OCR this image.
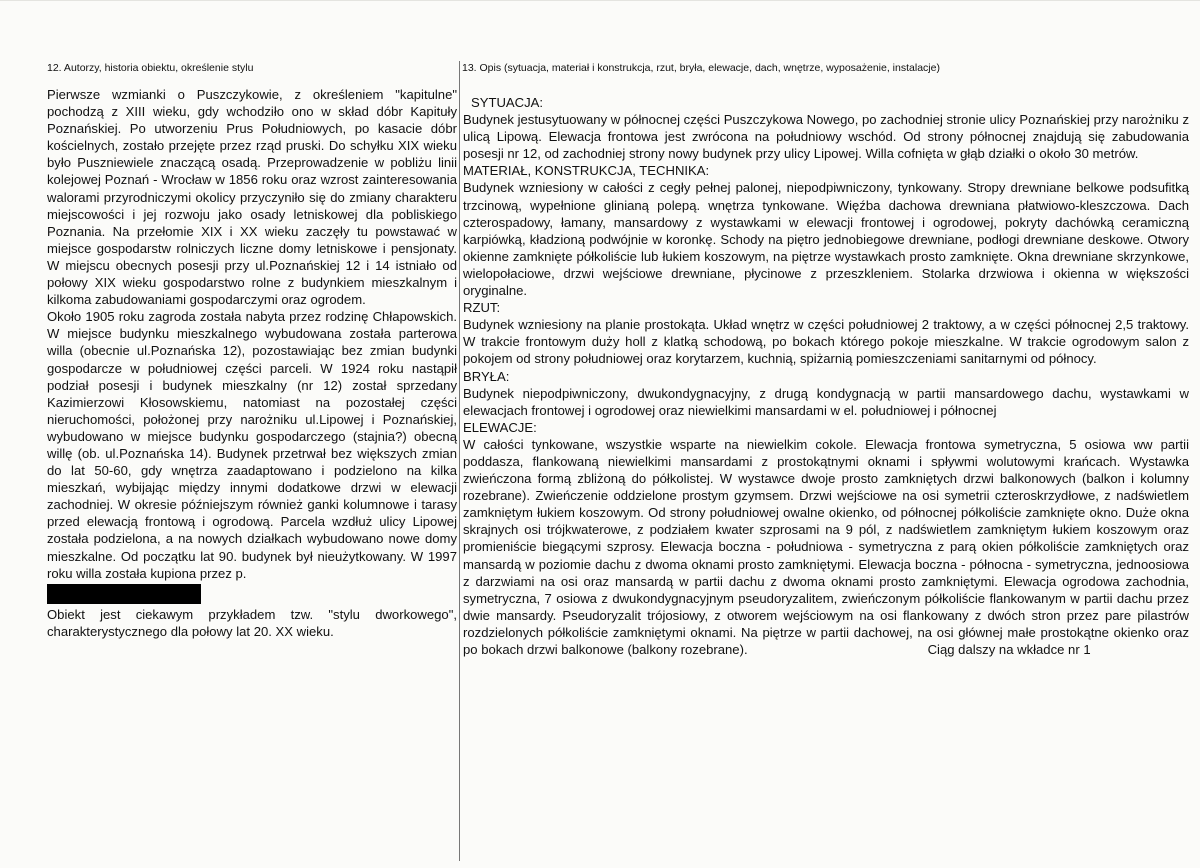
12. Autorzy, historia obiektu, określenie stylu	13. Opis (sytuacja, materiał i konstrukcja, rzut, bryła, elewacje, dach, wnętrze, wyposażenie, instalacje)

Pierwsze wzmianki o Puszczykowie, z określeniem "kapitulne" pochodzą z XIII wieku, gdy wchodziło ono w skład dóbr Kapituły Poznańskiej. Po utworzeniu Prus Południowych, po kasacie dóbr kościelnych, zostało przejęte przez rząd pruski. Do schyłku XIX wieku było Puszniewiele znaczącą osadą. Przeprowadzenie w pobliżu linii kolejowej Poznań - Wrocław w 1856 roku oraz wzrost zainteresowania walorami przyrodniczymi okolicy przyczyniło się do zmiany charakteru miejscowości i jej rozwoju jako osady letniskowej dla pobliskiego Poznania. Na przełomie XIX i XX wieku zaczęły tu powstawać w miejsce gospodarstw rolniczych liczne domy letniskowe i pensjonaty. W miejscu obecnych posesji przy ul.Poznańskiej 12 i 14 istniało od połowy XIX wieku gospodarstwo rolne z budynkiem mieszkalnym i kilkoma zabudowaniami gospodarczymi oraz ogrodem.

Około 1905 roku zagroda została nabyta przez rodzinę Chłapowskich. W miejsce budynku mieszkalnego wybudowana została parterowa willa (obecnie ul.Poznańska 12), pozostawiając bez zmian budynki gospodarcze w południowej części parceli. W 1924 roku nastąpił podział posesji i budynek mieszkalny (nr 12) został sprzedany Kazimierzowi Kłosowskiemu, natomiast na pozostałej części nieruchomości, położonej przy narożniku ul.Lipowej i Poznańskiej, wybudowano w miejsce budynku gospodarczego (stajnia?) obecną willę (ob. ul.Poznańska 14). Budynek przetrwał bez większych zmian do lat 50-60, gdy wnętrza zaadaptowano i podzielono na kilka mieszkań, wybijając między innymi dodatkowe drzwi w elewacji zachodniej. W okresie późniejszym również ganki kolumnowe i tarasy przed elewacją frontową i ogrodową. Parcela wzdłuż ulicy Lipowej została podzielona, a na nowych działkach wybudowano nowe domy mieszkalne. Od początku lat 90. budynek był nieużytkowany. W 1997 roku willa została kupiona przez p.

Obiekt jest ciekawym przykładem tzw. "stylu dworkowego", charakterystycznego dla połowy lat 20. XX wieku.

SYTUACJA:

Budynek jestusytuowany w północnej części Puszczykowa Nowego, po zachodniej stronie ulicy Poznańskiej przy narożniku z ulicą Lipową. Elewacja frontowa jest zwrócona na południowy wschód. Od strony północnej znajdują się zabudowania posesji nr 12, od zachodniej strony nowy budynek przy ulicy Lipowej. Willa cofnięta w głąb działki o około 30 metrów.

MATERIAŁ, KONSTRUKCJA, TECHNIKA:

Budynek wzniesiony w całości z cegły pełnej palonej, niepodpiwniczony, tynkowany. Stropy drewniane belkowe podsufitką trzcinową, wypełnione glinianą polepą. wnętrza tynkowane. Więźba dachowa drewniana płatwiowo-kleszczowa. Dach czterospadowy, łamany, mansardowy z wystawkami w elewacji frontowej i ogrodowej, pokryty dachówką ceramiczną karpiówką, kładzioną podwójnie w koronkę. Schody na piętro jednobiegowe drewniane, podłogi drewniane deskowe. Otwory okienne zamknięte półkoliście lub łukiem koszowym, na piętrze wystawkach prosto zamknięte. Okna drewniane skrzynkowe, wielopołaciowe, drzwi wejściowe drewniane, płycinowe z przeszkleniem. Stolarka drzwiowa i okienna w większości oryginalne.

RZUT:

Budynek wzniesiony na planie prostokąta. Układ wnętrz w części południowej 2 traktowy, a w części północnej 2,5 traktowy. W trakcie frontowym duży holl z klatką schodową, po bokach którego pokoje mieszkalne. W trakcie ogrodowym salon z pokojem od strony południowej oraz korytarzem, kuchnią, spiżarnią pomieszczeniami sanitarnymi od północy.

BRYŁA:

Budynek niepodpiwniczony, dwukondygnacyjny, z drugą kondygnacją w partii mansardowego dachu, wystawkami w elewacjach frontowej i ogrodowej oraz niewielkimi mansardami w el. południowej i północnej

ELEWACJE:

W całości tynkowane, wszystkie wsparte na niewielkim cokole. Elewacja frontowa symetryczna, 5 osiowa ww partii poddasza, flankowaną niewielkimi mansardami z prostokątnymi oknami i spływmi wolutowymi krańcach. Wystawka zwieńczona formą zbliżoną do półkolistej. W wystawce dwoje prosto zamkniętych drzwi balkonowych (balkon i kolumny rozebrane). Zwieńczenie oddzielone prostym gzymsem. Drzwi wejściowe na osi symetrii czteroskrzydłowe, z nadświetlem zamkniętym łukiem koszowym. Od strony południowej owalne okienko, od północnej półkoliście zamknięte okno. Duże okna skrajnych osi trójkwaterowe, z podziałem kwater szprosami na 9 pól, z nadświetlem zamkniętym łukiem koszowym oraz promieniście biegącymi szprosy. Elewacja boczna - południowa - symetryczna z parą okien półkoliście zamkniętych oraz mansardą w poziomie dachu z dwoma oknami prosto zamkniętymi. Elewacja boczna - północna - symetryczna, jednoosiowa z darzwiami na osi oraz mansardą w partii dachu z dwoma oknami prosto zamkniętymi. Elewacja ogrodowa zachodnia, symetryczna, 7 osiowa z dwukondygnacyjnym pseudoryzalitem, zwieńczonym półkoliście flankowanym w partii dachu przez dwie mansardy. Pseudoryzalit trójosiowy, z otworem wejściowym na osi flankowany z dwóch stron przez pare pilastrów rozdzielonych półkoliście zamkniętymi oknami. Na piętrze w partii dachowej, na osi głównej małe prostokątne okienko oraz po bokach drzwi balkonowe (balkony rozebrane).	Ciąg dalszy na wkładce nr 1
